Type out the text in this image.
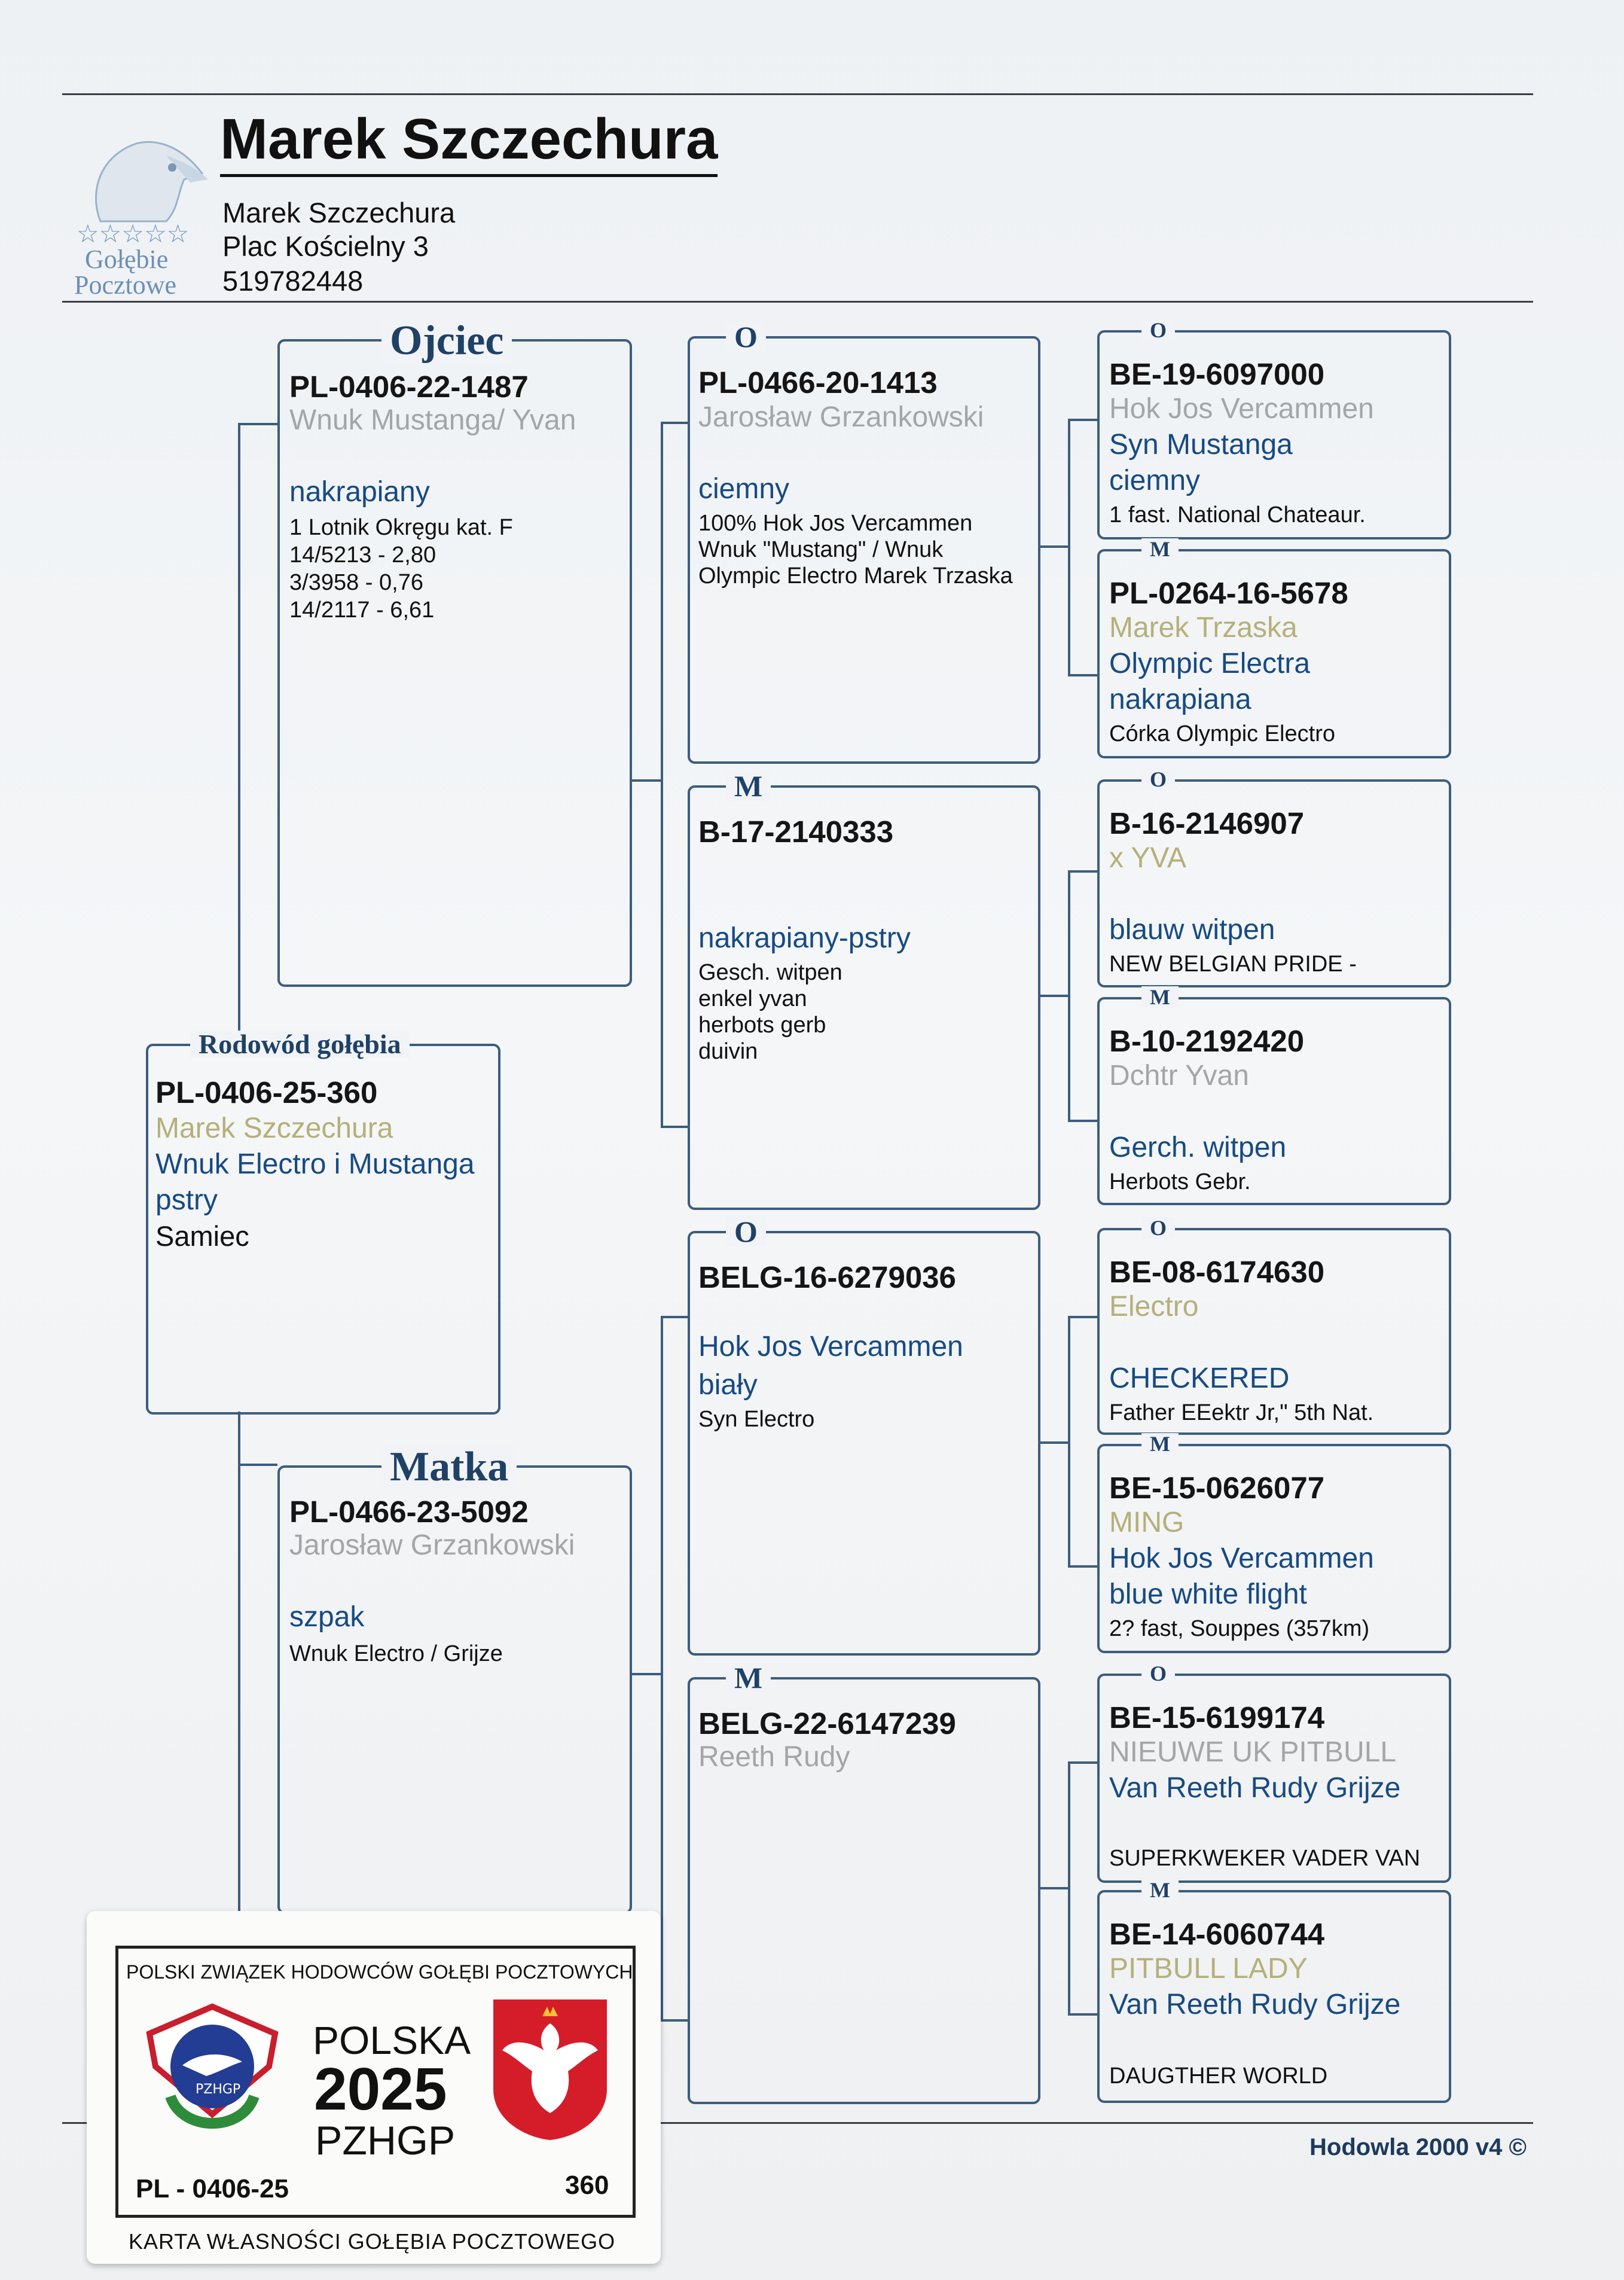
☆☆☆☆☆
Gołębie
Pocztowe
Marek Szczechura
Marek Szczechura
Plac Kościelny 3
519782448
Rodowód gołębia
PL-0406-25-360
Marek Szczechura
Wnuk Electro i Mustanga
pstry
Samiec
Ojciec
PL-0406-22-1487
Wnuk Mustanga/ Yvan
nakrapiany
1 Lotnik Okręgu kat. F
14/5213 - 2,80
3/3958 - 0,76
14/2117 - 6,61
Matka
PL-0466-23-5092
Jarosław Grzankowski
szpak
Wnuk Electro / Grijze
O
PL-0466-20-1413
Jarosław Grzankowski
ciemny
100% Hok Jos Vercammen
Wnuk "Mustang" / Wnuk
Olympic Electro Marek Trzaska
M
B-17-2140333
nakrapiany-pstry
Gesch. witpen
enkel yvan
herbots gerb
duivin
O
BELG-16-6279036
Hok Jos Vercammen
biały
Syn Electro
M
BELG-22-6147239
Reeth Rudy
O
BE-19-6097000
Hok Jos Vercammen
Syn Mustanga
ciemny
1 fast. National Chateaur.
M
PL-0264-16-5678
Marek Trzaska
Olympic Electra
nakrapiana
Córka Olympic Electro
O
B-16-2146907
x YVA
blauw witpen
NEW BELGIAN PRIDE -
M
B-10-2192420
Dchtr Yvan
Gerch. witpen
Herbots Gebr.
O
BE-08-6174630
Electro
CHECKERED
Father EEektr Jr," 5th Nat.
M
BE-15-0626077
MING
Hok Jos Vercammen
blue white flight
2? fast, Souppes (357km)
O
BE-15-6199174
NIEUWE UK PITBULL
Van Reeth Rudy Grijze
SUPERKWEKER VADER VAN
M
BE-14-6060744
PITBULL LADY
Van Reeth Rudy Grijze
DAUGTHER WORLD
Hodowla 2000 v4 ©
POLSKI ZWIĄZEK HODOWCÓW GOŁĘBI POCZTOWYCH
PZHGP
POLSKA
2025
PZHGP
PL - 0406-25	360
KARTA WŁASNOŚCI GOŁĘBIA POCZTOWEGO
